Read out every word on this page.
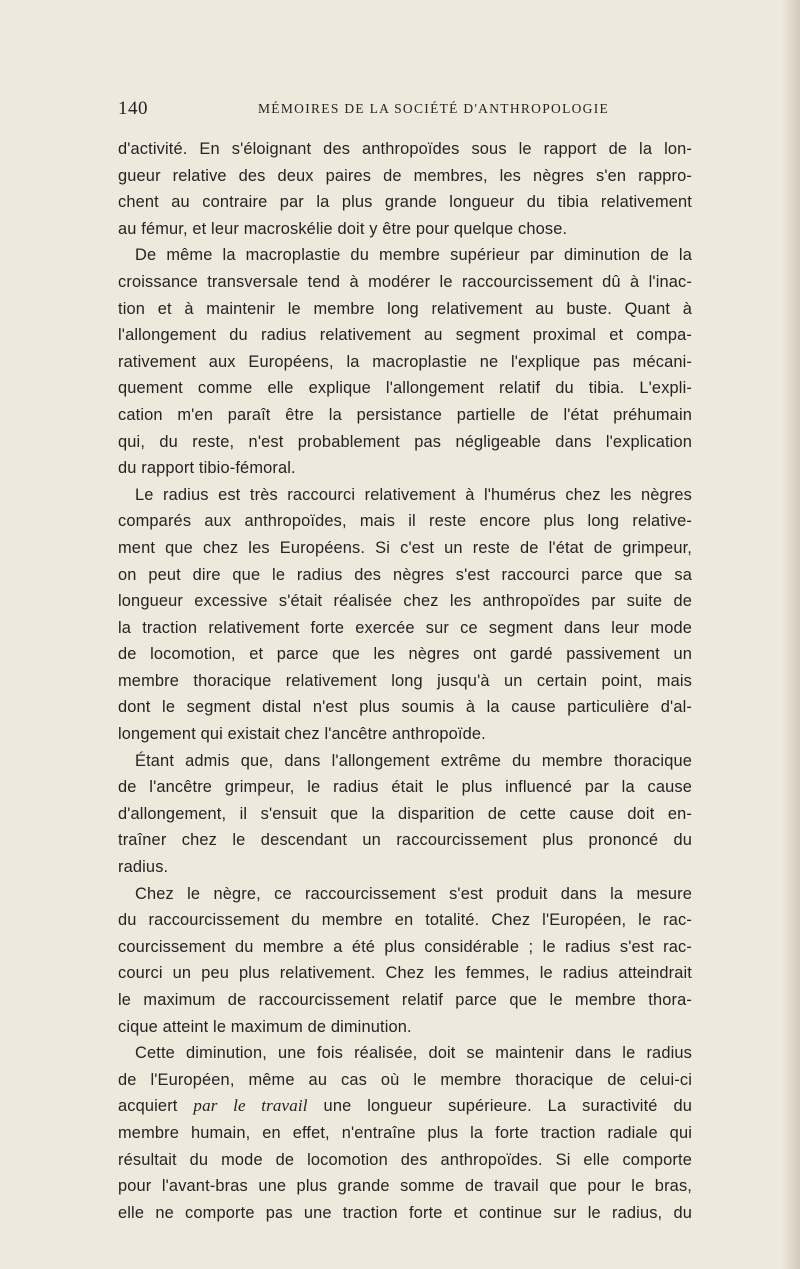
140	MÉMOIRES DE LA SOCIÉTÉ D'ANTHROPOLOGIE
d'activité. En s'éloignant des anthropoïdes sous le rapport de la lon-
gueur relative des deux paires de membres, les nègres s'en rappro-
chent au contraire par la plus grande longueur du tibia relativement
au fémur, et leur macroskélie doit y être pour quelque chose.
De même la macroplastie du membre supérieur par diminution de la
croissance transversale tend à modérer le raccourcissement dû à l'inac-
tion et à maintenir le membre long relativement au buste. Quant à
l'allongement du radius relativement au segment proximal et compa-
rativement aux Européens, la macroplastie ne l'explique pas mécani-
quement comme elle explique l'allongement relatif du tibia. L'expli-
cation m'en paraît être la persistance partielle de l'état préhumain
qui, du reste, n'est probablement pas négligeable dans l'explication
du rapport tibio-fémoral.
Le radius est très raccourci relativement à l'humérus chez les nègres
comparés aux anthropoïdes, mais il reste encore plus long relative-
ment que chez les Européens. Si c'est un reste de l'état de grimpeur,
on peut dire que le radius des nègres s'est raccourci parce que sa
longueur excessive s'était réalisée chez les anthropoïdes par suite de
la traction relativement forte exercée sur ce segment dans leur mode
de locomotion, et parce que les nègres ont gardé passivement un
membre thoracique relativement long jusqu'à un certain point, mais
dont le segment distal n'est plus soumis à la cause particulière d'al-
longement qui existait chez l'ancêtre anthropoïde.
Étant admis que, dans l'allongement extrême du membre thoracique
de l'ancêtre grimpeur, le radius était le plus influencé par la cause
d'allongement, il s'ensuit que la disparition de cette cause doit en-
traîner chez le descendant un raccourcissement plus prononcé du
radius.
Chez le nègre, ce raccourcissement s'est produit dans la mesure
du raccourcissement du membre en totalité. Chez l'Européen, le rac-
courcissement du membre a été plus considérable ; le radius s'est rac-
courci un peu plus relativement. Chez les femmes, le radius atteindrait
le maximum de raccourcissement relatif parce que le membre thora-
cique atteint le maximum de diminution.
Cette diminution, une fois réalisée, doit se maintenir dans le radius
de l'Européen, même au cas où le membre thoracique de celui-ci
acquiert par le travail une longueur supérieure. La suractivité du
membre humain, en effet, n'entraîne plus la forte traction radiale qui
résultait du mode de locomotion des anthropoïdes. Si elle comporte
pour l'avant-bras une plus grande somme de travail que pour le bras,
elle ne comporte pas une traction forte et continue sur le radius, du
